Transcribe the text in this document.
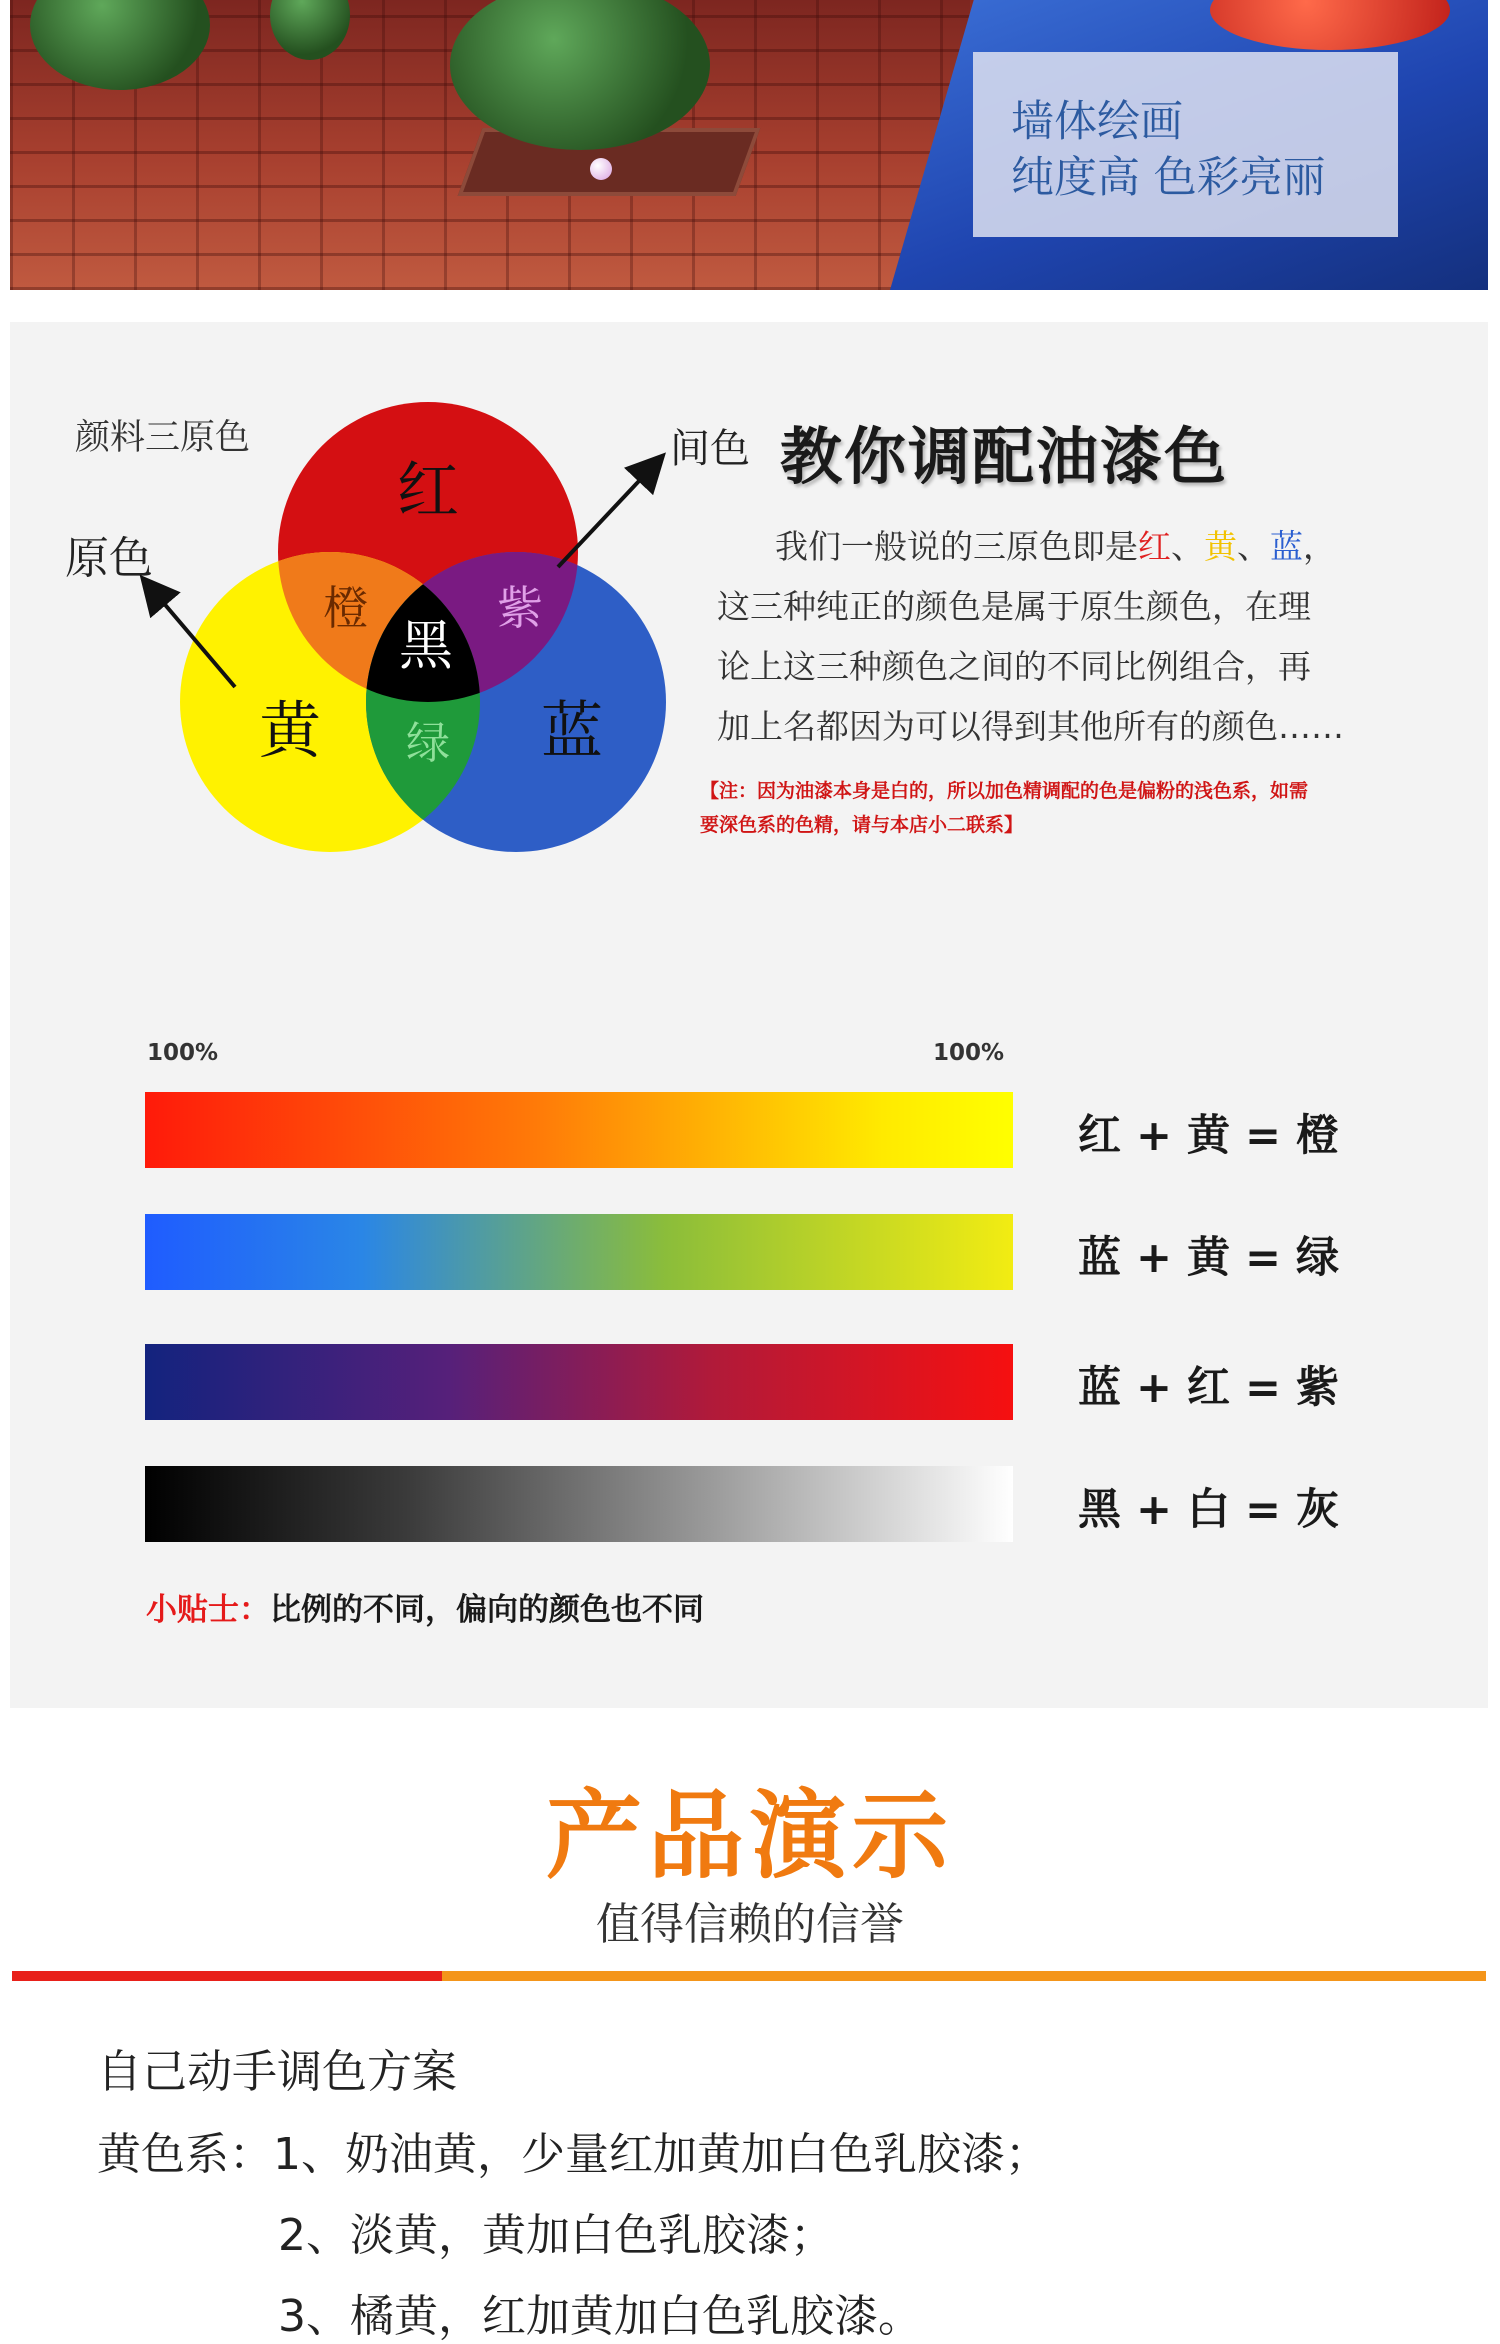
墙体绘画
纯度高 色彩亮丽
颜料三原色
原色
间色 教你调配油漆色
红
黄	蓝
橙	紫
黑
绿

我们一般说的三原色即是红、黄、蓝，

这三种纯正的颜色是属于原生颜色，在理

论上这三种颜色之间的不同比例组合，再

加上名都因为可以得到其他所有的颜色……

【注：因为油漆本身是白的，所以加色精调配的色是偏粉的浅色系，如需

要深色系的色精，请与本店小二联系】

100%	100%
红 + 黄 = 橙
蓝 + 黄 = 绿
蓝 + 红 = 紫
黑 + 白 = 灰
小贴士：比例的不同，偏向的颜色也不同
产品演示
值得信赖的信誉
自己动手调色方案
黄色系：1、奶油黄，少量红加黄加白色乳胶漆；
2、淡黄，黄加白色乳胶漆；
3、橘黄，红加黄加白色乳胶漆。
